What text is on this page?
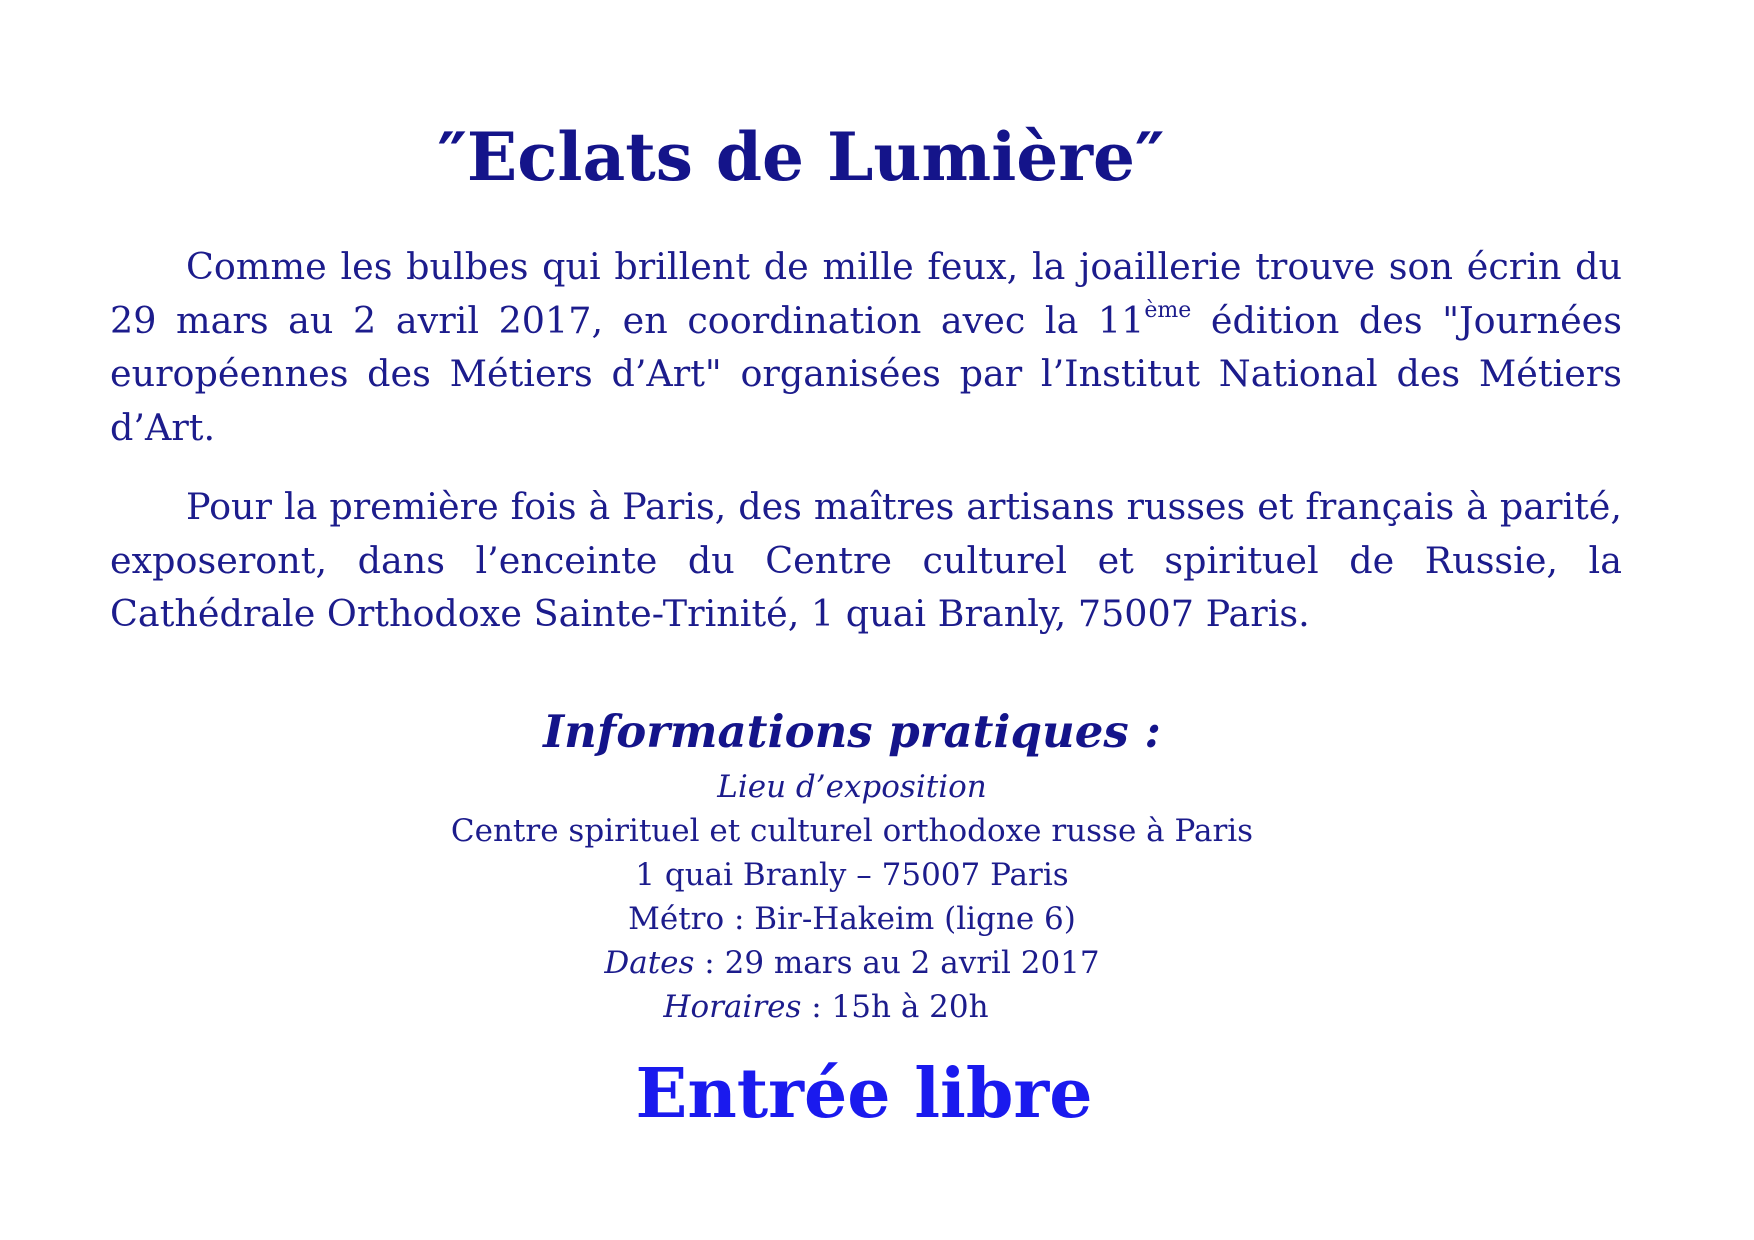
″Eclats de Lumière″

Comme les bulbes qui brillent de mille feux, la joaillerie trouve son écrin du 29 mars au 2 avril 2017, en coordination avec la 11ème édition des "Journées européennes des Métiers d’Art" organisées par l’Institut National des Métiers d’Art.

Pour la première fois à Paris, des maîtres artisans russes et français à parité, exposeront, dans l’enceinte du Centre culturel et spirituel de Russie, la Cathédrale Orthodoxe Sainte-Trinité, 1 quai Branly, 75007 Paris.

Informations pratiques :
Lieu d’exposition
Centre spirituel et culturel orthodoxe russe à Paris
1 quai Branly – 75007 Paris
Métro : Bir-Hakeim (ligne 6)
Dates : 29 mars au 2 avril 2017
Horaires : 15h à 20h
Entrée libre
